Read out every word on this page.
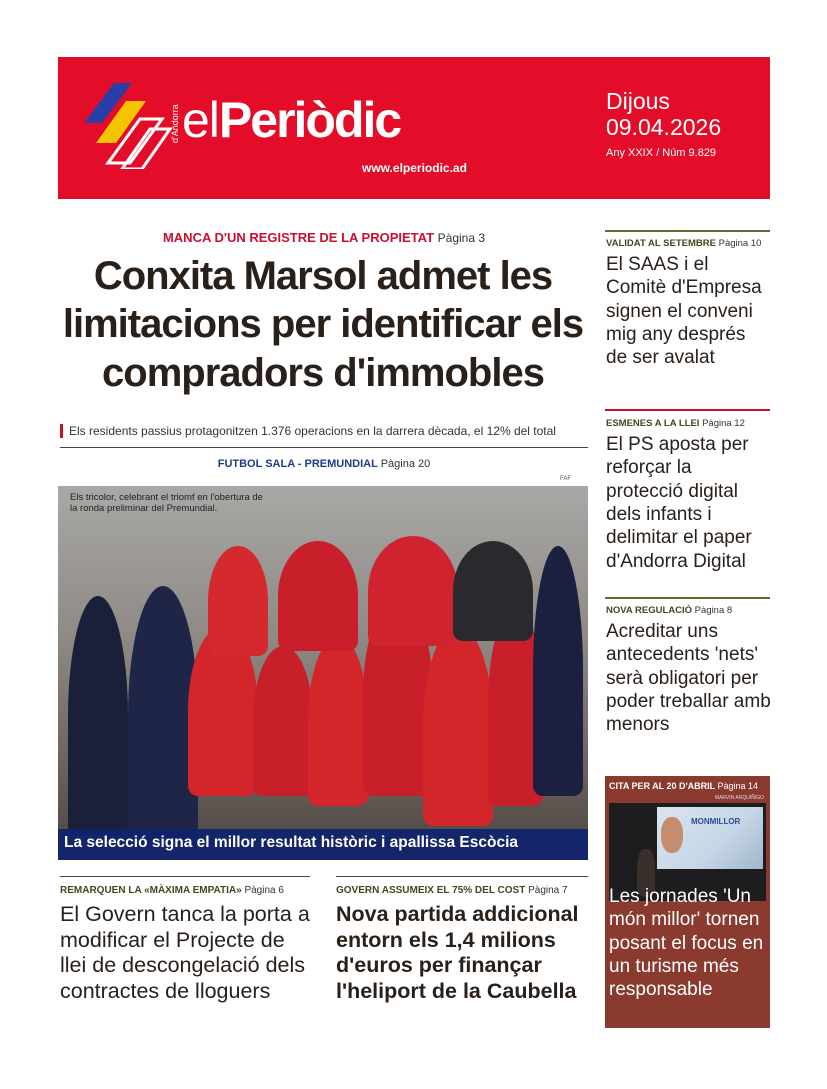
elPeriòdic
d'Andorra
www.elperiodic.ad
Dijous
09.04.2026
Any XXIX / Núm 9.829
MANCA D'UN REGISTRE DE LA PROPIETAT Pàgina 3
Conxita Marsol admet les limitacions per identificar els compradors d'immobles
Els residents passius protagonitzen 1.376 operacions en la darrera dècada, el 12% del total
FUTBOL SALA - PREMUNDIAL Pàgina 20
FAF
Els tricolor, celebrant el triomf en l'obertura de la ronda preliminar del Premundial.
La selecció signa el millor resultat històric i apallissa Escòcia
REMARQUEN LA «MÀXIMA EMPATIA» Pàgina 6
El Govern tanca la porta a modificar el Projecte de llei de descongelació dels contractes de lloguers
GOVERN ASSUMEIX EL 75% DEL COST Pàgina 7
Nova partida addicional entorn els 1,4 milions d'euros per finançar l'heliport de la Caubella
VALIDAT AL SETEMBRE Pàgina 10
El SAAS i el Comitè d'Empresa signen el conveni mig any després de ser avalat
ESMENES A LA LLEI Pàgina 12
El PS aposta per reforçar la protecció digital dels infants i delimitar el paper d'Andorra Digital
NOVA REGULACIÓ Pàgina 8
Acreditar uns antecedents 'nets' serà obligatori per poder treballar amb menors
CITA PER AL 20 D'ABRIL Pàgina 14
MARVIN ARQUIÑIGO
MONMILLOR
Les jornades 'Un món millor' tornen posant el focus en un turisme més responsable
